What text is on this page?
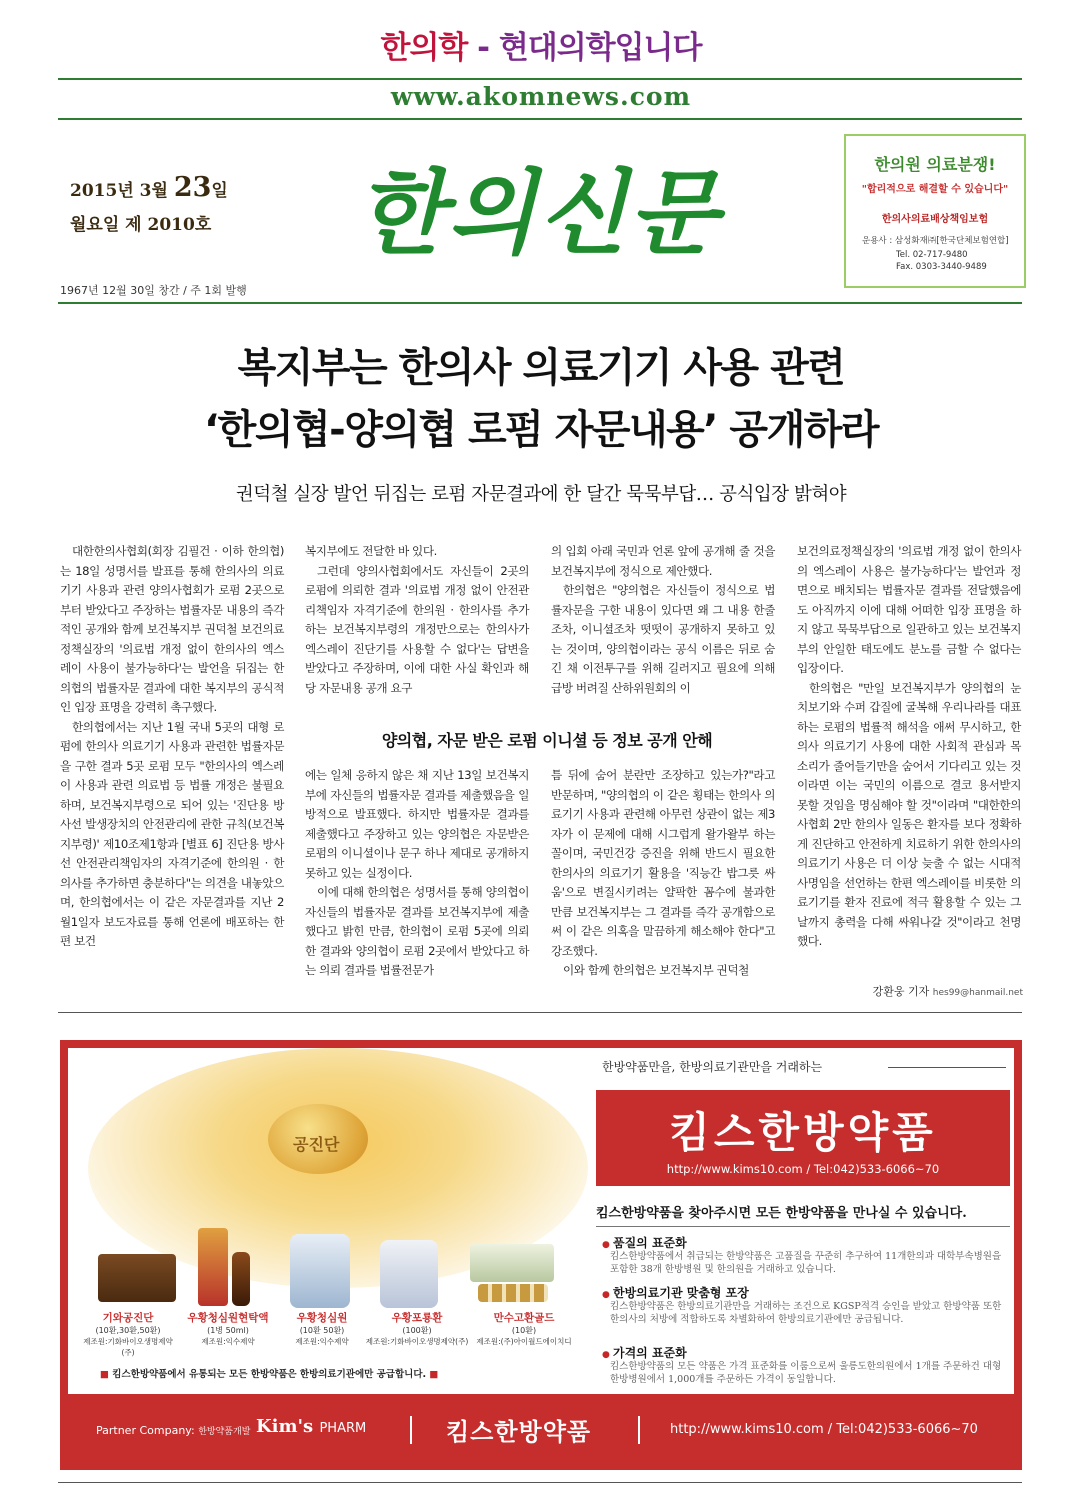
한의학 - 현대의학입니다
www.akomnews.com
2015년 3월 23일
월요일 제 2010호	한의신문
1967년 12월 30일 창간 / 주 1회 발행
한의원 의료분쟁!
"합리적으로 해결할 수 있습니다"
한의사의료배상책임보험
운용사 : 삼성화재㈜[한국단체보험연합]
Tel. 02-717-9480
Fax. 0303-3440-9489
복지부는 한의사 의료기기 사용 관련
‘한의협-양의협 로펌 자문내용’ 공개하라
권덕철 실장 발언 뒤집는 로펌 자문결과에 한 달간 묵묵부답… 공식입장 밝혀야

대한한의사협회(회장 김필건 · 이하 한의협)는 18일 성명서를 발표를 통해 한의사의 의료기기 사용과 관련 양의사협회가 로펌 2곳으로부터 받았다고 주장하는 법률자문 내용의 즉각적인 공개와 함께 보건복지부 권덕철 보건의료정책실장의 '의료법 개정 없이 한의사의 엑스레이 사용이 불가능하다'는 발언을 뒤집는 한의협의 법률자문 결과에 대한 복지부의 공식적인 입장 표명을 강력히 촉구했다.

한의협에서는 지난 1월 국내 5곳의 대형 로펌에 한의사 의료기기 사용과 관련한 법률자문을 구한 결과 5곳 로펌 모두 "한의사의 엑스레이 사용과 관련 의료법 등 법률 개정은 불필요하며, 보건복지부령으로 되어 있는 '진단용 방사선 발생장치의 안전관리에 관한 규칙(보건복지부령)' 제10조제1항과 [별표 6] 진단용 방사선 안전관리책임자의 자격기준에 한의원 · 한의사를 추가하면 충분하다"는 의견을 내놓았으며, 한의협에서는 이 같은 자문결과를 지난 2월1일자 보도자료를 통해 언론에 배포하는 한편 보건

복지부에도 전달한 바 있다.

그런데 양의사협회에서도 자신들이 2곳의 로펌에 의뢰한 결과 '의료법 개정 없이 안전관리책임자 자격기준에 한의원 · 한의사를 추가하는 보건복지부령의 개정만으로는 한의사가 엑스레이 진단기를 사용할 수 없다'는 답변을 받았다고 주장하며, 이에 대한 사실 확인과 해당 자문내용 공개 요구

의 입회 아래 국민과 언론 앞에 공개해 줄 것을 보건복지부에 정식으로 제안했다.

한의협은 "양의협은 자신들이 정식으로 법률자문을 구한 내용이 있다면 왜 그 내용 한줄조차, 이니셜조차 떳떳이 공개하지 못하고 있는 것이며, 양의협이라는 공식 이름은 뒤로 숨긴 채 이전투구를 위해 길러지고 필요에 의해 급방 버려질 산하위원회의 이

양의협, 자문 받은 로펌 이니셜 등 정보 공개 안해

에는 일체 응하지 않은 채 지난 13일 보건복지부에 자신들의 법률자문 결과를 제출했음을 일방적으로 발표했다. 하지만 법률자문 결과를 제출했다고 주장하고 있는 양의협은 자문받은 로펌의 이니셜이나 문구 하나 제대로 공개하지 못하고 있는 실정이다.

이에 대해 한의협은 성명서를 통해 양의협이 자신들의 법률자문 결과를 보건복지부에 제출했다고 밝힌 만큼, 한의협이 로펌 5곳에 의뢰한 결과와 양의협이 로펌 2곳에서 받았다고 하는 의뢰 결과를 법률전문가

틈 뒤에 숨어 분란만 조장하고 있는가?"라고 반문하며, "양의협의 이 같은 횡태는 한의사 의료기기 사용과 관련해 아무런 상관이 없는 제3자가 이 문제에 대해 시그럽게 왈가왈부 하는 꼴이며, 국민건강 증진을 위해 반드시 필요한 한의사의 의료기기 활용을 '직능간 밥그릇 싸움'으로 변질시키려는 얄팍한 꼼수에 불과한 만큼 보건복지부는 그 결과를 즉각 공개함으로써 이 같은 의혹을 말끔하게 해소해야 한다"고 강조했다.

이와 함께 한의협은 보건복지부 권덕철

보건의료정책실장의 '의료법 개정 없이 한의사의 엑스레이 사용은 불가능하다'는 발언과 정면으로 배치되는 법률자문 결과를 전달했음에도 아직까지 이에 대해 어떠한 입장 표명을 하지 않고 묵묵부답으로 일관하고 있는 보건복지부의 안일한 태도에도 분노를 금할 수 없다는 입장이다.

한의협은 "만일 보건복지부가 양의협의 눈치보기와 수퍼 갑질에 굴복해 우리나라를 대표하는 로펌의 법률적 해석을 애써 무시하고, 한의사 의료기기 사용에 대한 사회적 관심과 목소리가 줄어들기만을 숨어서 기다리고 있는 것이라면 이는 국민의 이름으로 결코 용서받지 못할 것임을 명심해야 할 것"이라며 "대한한의사협회 2만 한의사 일동은 환자를 보다 정확하게 진단하고 안전하게 치료하기 위한 한의사의 의료기기 사용은 더 이상 늦출 수 없는 시대적 사명임을 선언하는 한편 엑스레이를 비롯한 의료기기를 환자 진료에 적극 활용할 수 있는 그 날까지 총력을 다해 싸워나갈 것"이라고 천명했다.

강환웅 기자 hes99@hanmail.net
공진단
기와공진단
(10환,30환,50환)
제조원:기화바이오생명제약(주)
우황청심원현탁액
(1병 50ml)
제조원:익수제약
우황청심원
(10환 50환)
제조원:익수제약
우황포룡환
(100환)
제조원:기화바이오생명제약(주)
만수고환골드
(10환)
제조원:(주)아이월드에이치디
■ 킴스한방약품에서 유통되는 모든 한방약품은 한방의료기관에만 공급합니다. ■
한방약품만을, 한방의료기관만을 거래하는
킴스한방약품
http://www.kims10.com / Tel:042)533-6066~70
킴스한방약품을 찾아주시면 모든 한방약품을 만나실 수 있습니다.
● 품질의 표준화
킴스한방약품에서 취급되는 한방약품은 고품질을 꾸준히 추구하여 11개한의과 대학부속병원을 포함한 38개 한방병원 및 한의원을 거래하고 있습니다.
● 한방의료기관 맞춤형 포장
킴스한방약품은 한방의료기관만을 거래하는 조건으로 KGSP적격 승인을 받았고 한방약품 또한 한의사의 처방에 적합하도록 차별화하여 한방의료기관에만 공급됩니다.
● 가격의 표준화
킴스한방약품의 모든 약품은 가격 표준화를 이룸으로써 울릉도한의원에서 1개를 주문하건 대형 한방병원에서 1,000개를 주문하든 가격이 동일합니다.
Partner Company: 한방약품개발 Kim's PHARM	킴스한방약품	http://www.kims10.com / Tel:042)533-6066~70
